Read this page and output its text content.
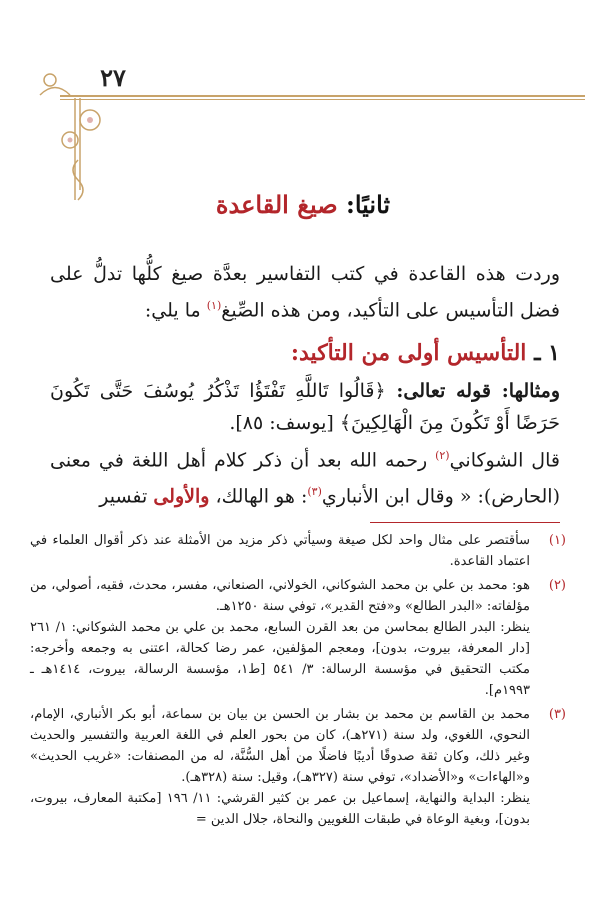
٢٧
ثانيًا: صيغ القاعدة
وردت هذه القاعدة في كتب التفاسير بعدَّة صيغ كلُّها تدلُّ على فضل التأسيس على التأكيد، ومن هذه الصِّيغ$^{(١)}$ ما يلي:
١ ـ التأسيس أولى من التأكيد:
ومثالها: قوله تعالى: ﴿قَالُوا تَاللَّهِ تَفْتَؤُا تَذْكُرُ يُوسُفَ حَتَّى تَكُونَ حَرَضًا أَوْ تَكُونَ مِنَ الْهَالِكِينَ﴾ [يوسف: ٨٥].
قال الشوكاني$^{(٢)}$ رحمه الله بعد أن ذكر كلام أهل اللغة في معنى (الحارض): « وقال ابن الأنباري$^{(٣)}$: هو الهالك، والأولى تفسير
(١)

سأقتصر على مثال واحد لكل صيغة وسيأتي ذكر مزيد من الأمثلة عند ذكر أقوال العلماء في اعتماد القاعدة.

(٢)

هو: محمد بن علي بن محمد الشوكاني، الخولاني، الصنعاني، مفسر، محدث، فقيه، أصولي، من مؤلفاته: «البدر الطالع» و«فتح القدير»، توفي سنة ١٢٥٠هـ.

ينظر: البدر الطالع بمحاسن من بعد القرن السابع، محمد بن علي بن محمد الشوكاني: ١/ ٢٦١ [دار المعرفة، بيروت، بدون]، ومعجم المؤلفين، عمر رضا كحالة، اعتنى به وجمعه وأخرجه: مكتب التحقيق في مؤسسة الرسالة: ٣/ ٥٤١ [ط١، مؤسسة الرسالة، بيروت، ١٤١٤هـ ـ ١٩٩٣م].

(٣)

محمد بن القاسم بن محمد بن بشار بن الحسن بن بيان بن سماعة، أبو بكر الأنباري، الإمام، النحوي، اللغوي، ولد سنة (٢٧١هـ)، كان من بحور العلم في اللغة العربية والتفسير والحديث وغير ذلك، وكان ثقة صدوقًا أديبًا فاضلًا من أهل السُّنَّة، له من المصنفات: «غريب الحديث» و«الهاءات» و«الأضداد»، توفي سنة (٣٢٧هـ)، وقيل: سنة (٣٢٨هـ).

ينظر: البداية والنهاية، إسماعيل بن عمر بن كثير القرشي: ١١/ ١٩٦ [مكتبة المعارف، بيروت، بدون]، وبغية الوعاة في طبقات اللغويين والنحاة، جلال الدين =
